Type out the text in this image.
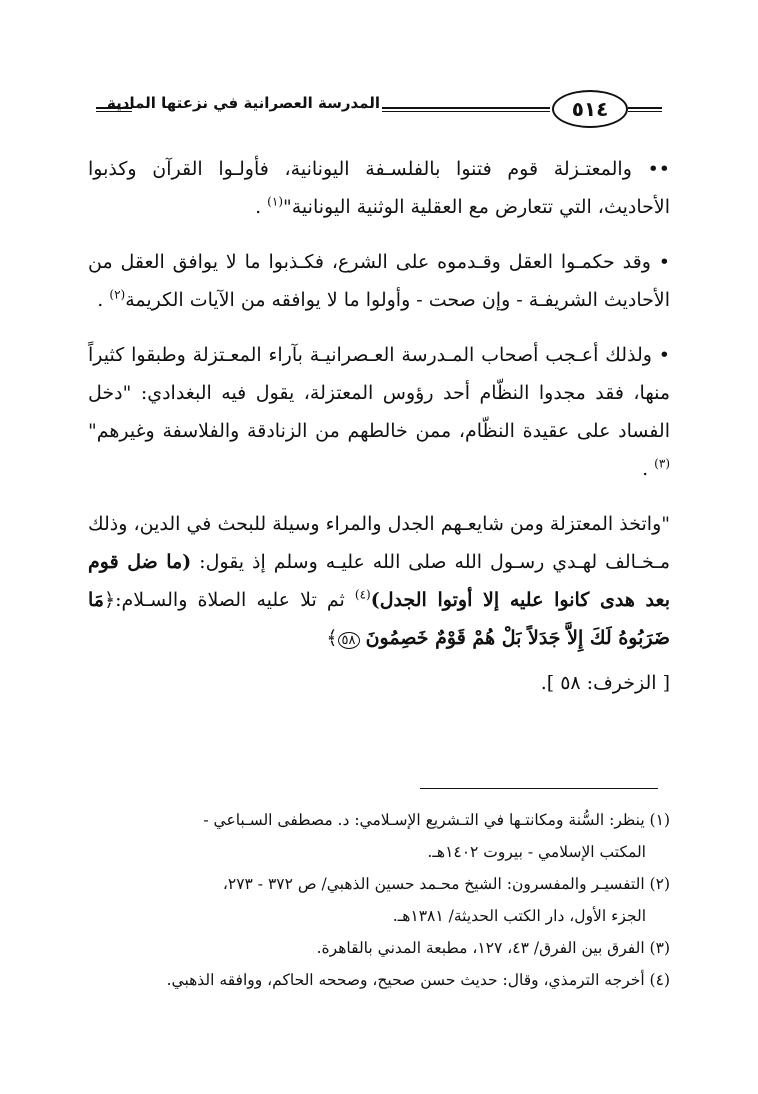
المدرسة العصرانية في نزعتها المادية	٥١٤

•• والمعتـزلة قوم فتنوا بالفلسـفة اليونانية، فأولـوا القرآن وكذبوا الأحاديث، التي تتعارض مع العقلية الوثنية اليونانية"$^{(١)}$ .

• وقد حكمـوا العقل وقـدموه على الشرع، فكـذبوا ما لا يوافق العقل من الأحاديث الشريفـة - وإن صحت - وأولوا ما لا يوافقه من الآيات الكريمة$^{(٢)}$ .

• ولذلك أعـجب أصحاب المـدرسة العـصرانيـة بآراء المعـتزلة وطبقوا كثيراً منها، فقد مجدوا النظّام أحد رؤوس المعتزلة، يقول فيه البغدادي: "دخل الفساد على عقيدة النظّام، ممن خالطهم من الزنادقة والفلاسفة وغيرهم"$^{(٣)}$ .

"واتخذ المعتزلة ومن شايعـهم الجدل والمراء وسيلة للبحث في الدين، وذلك مـخـالف لهـدي رسـول الله صلى الله عليـه وسلم إذ يقول: (ما ضل قوم بعد هدى كانوا عليه إلا أوتوا الجدل)$^{(٤)}$ ثم تلا عليه الصلاة والسـلام:﴿مَا ضَرَبُوهُ لَكَ إِلاَّ جَدَلاً بَلْ هُمْ قَوْمٌ خَصِمُونَ ٥٨﴾

[ الزخرف: ٥٨ ].

(١) ينظر: السُّنة ومكانتـها في التـشريع الإسـلامي: د. مصطفى السـباعي -

المكتب الإسلامي - بيروت ١٤٠٢هـ.

(٢) التفسيـر والمفسرون: الشيخ محـمد حسين الذهبي/ ص ٣٧٢ - ٢٧٣،

الجزء الأول، دار الكتب الحديثة/ ١٣٨١هـ.

(٣) الفرق بين الفرق/ ٤٣، ١٢٧، مطبعة المدني بالقاهرة.

(٤) أخرجه الترمذي، وقال: حديث حسن صحيح، وصححه الحاكم، ووافقه الذهبي.
